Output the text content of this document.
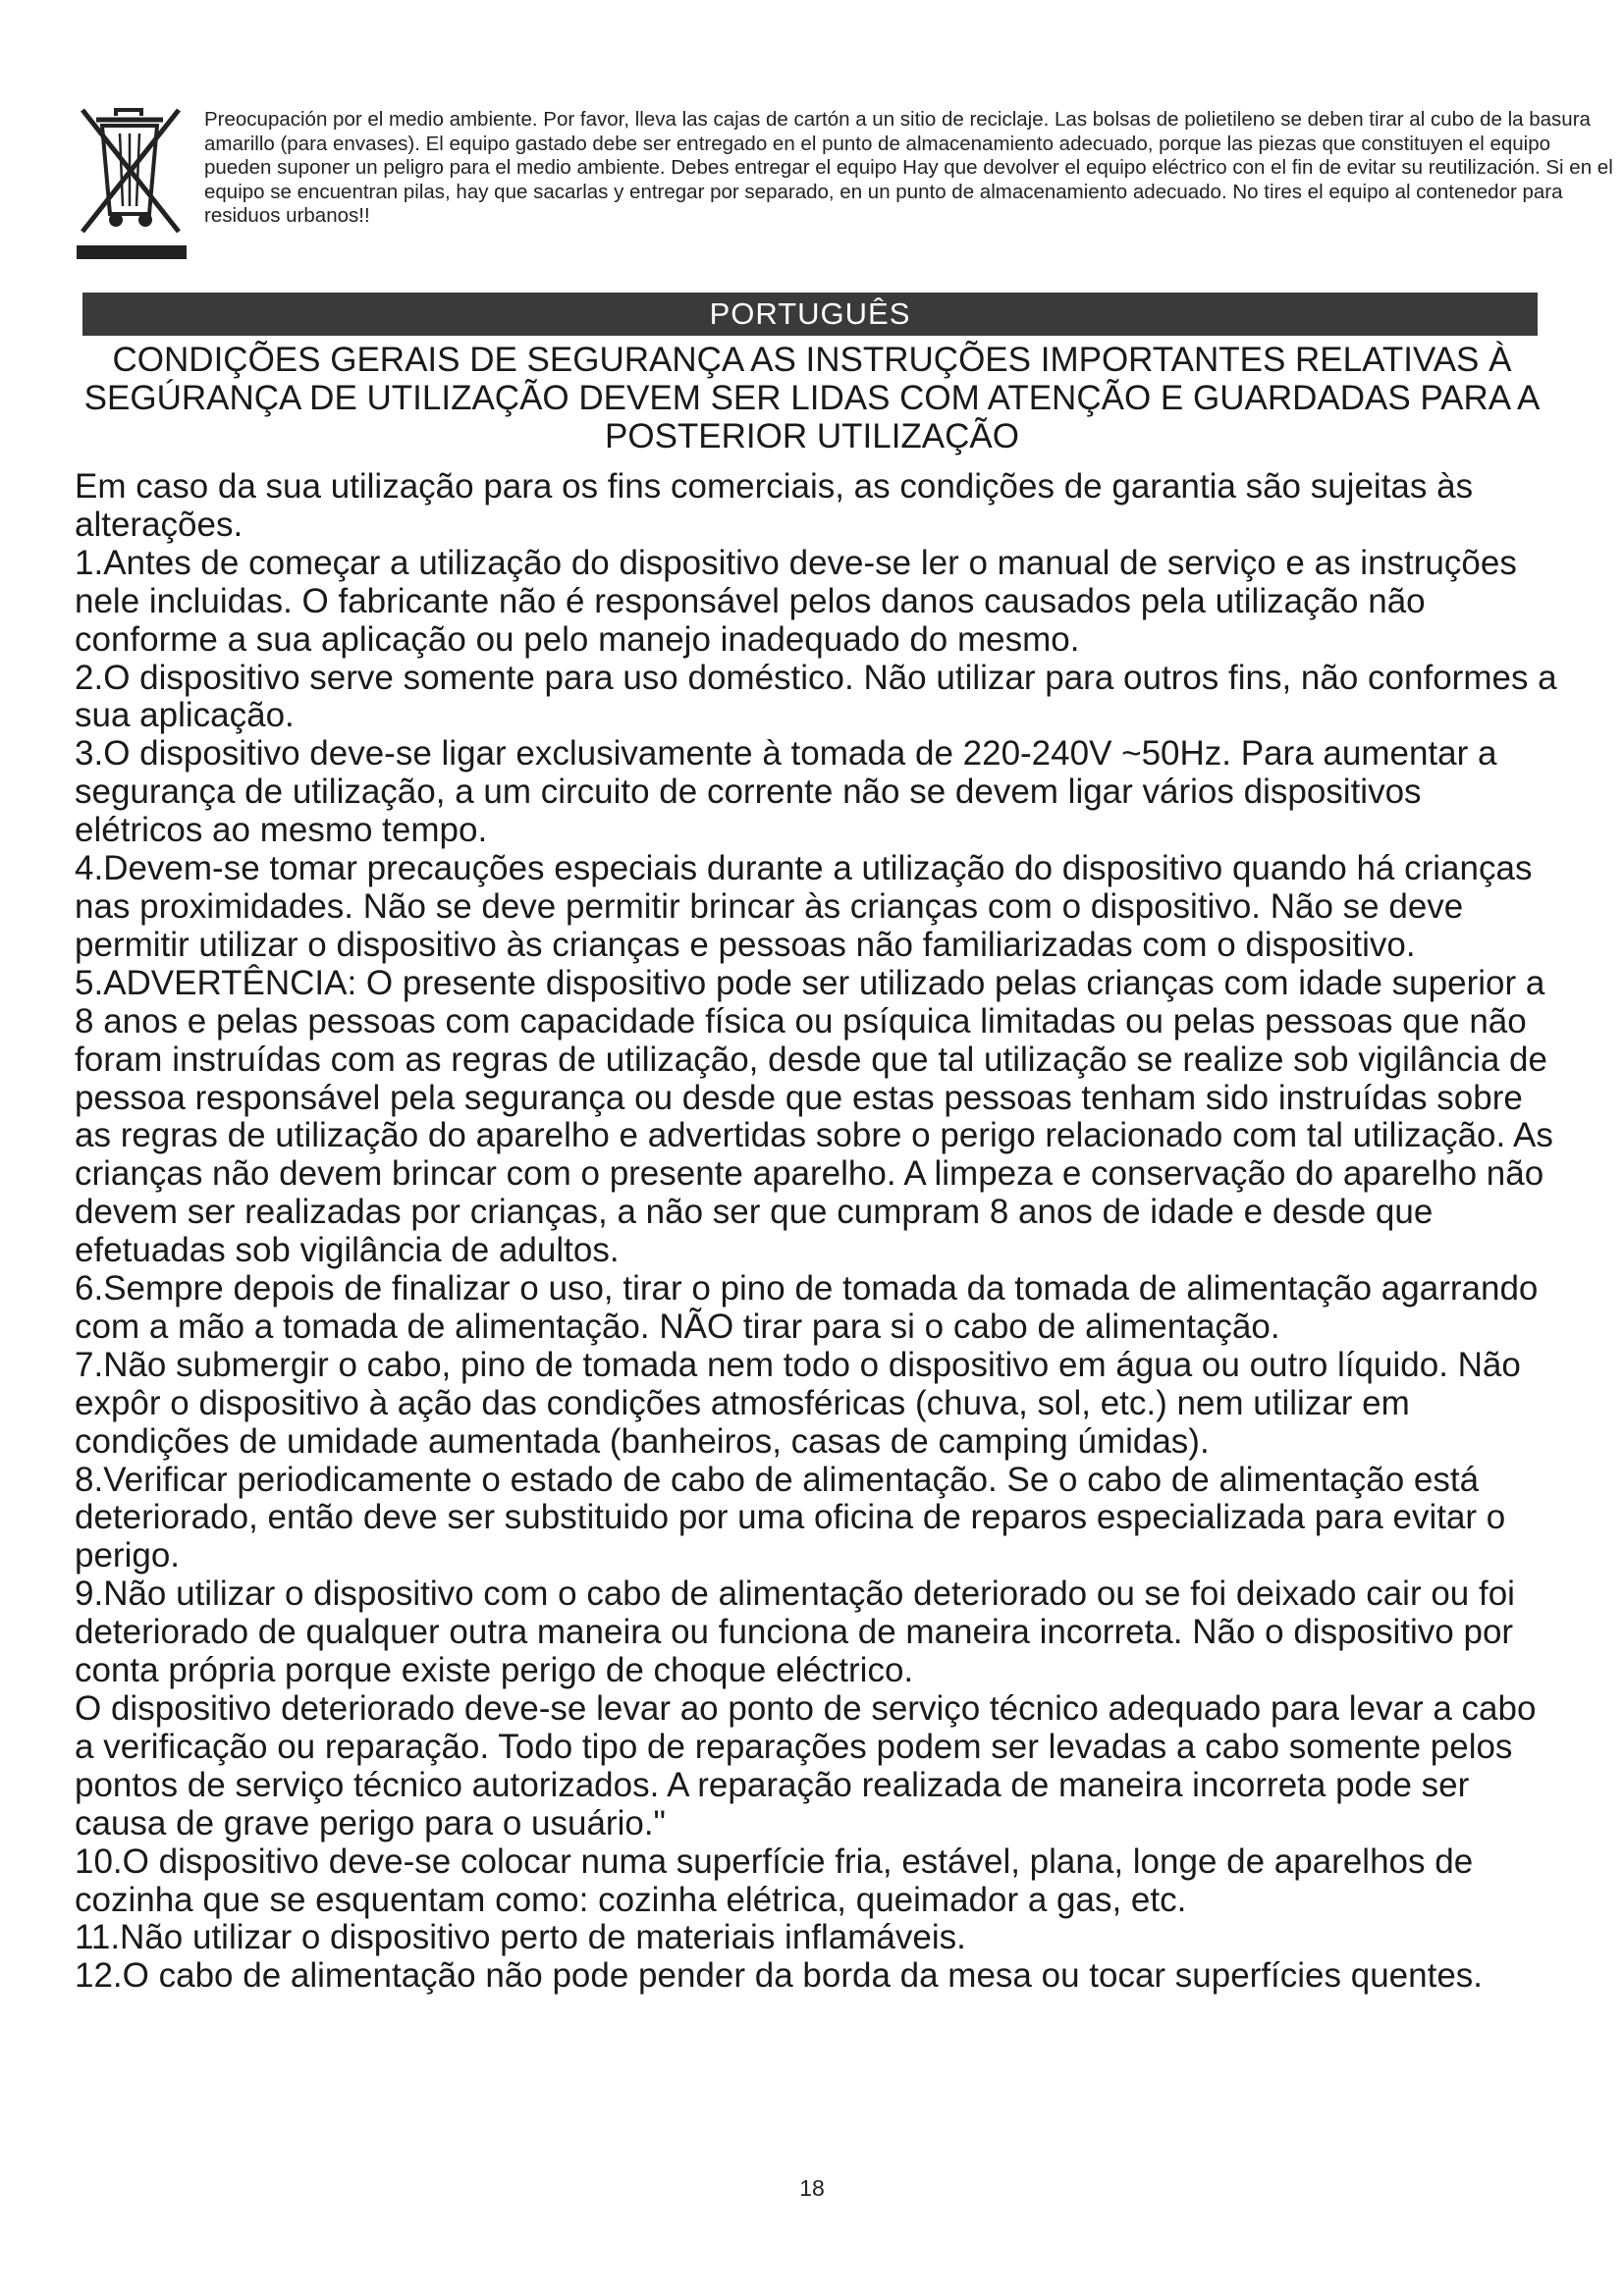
Preocupación por el medio ambiente. Por favor, lleva las cajas de cartón a un sitio de reciclaje. Las bolsas de polietileno se deben tirar al cubo de la basura amarillo (para envases). El equipo gastado debe ser entregado en el punto de almacenamiento adecuado, porque las piezas que constituyen el equipo pueden suponer un peligro para el medio ambiente. Debes entregar el equipo Hay que devolver el equipo eléctrico con el fin de evitar su reutilización. Si en el equipo se encuentran pilas, hay que sacarlas y entregar por separado, en un punto de almacenamiento adecuado. No tires el equipo al contenedor para residuos urbanos!!
PORTUGUÊS
CONDIÇÕES GERAIS DE SEGURANÇA AS INSTRUÇÕES IMPORTANTES RELATIVAS À SEGÚRANÇA DE UTILIZAÇÃO DEVEM SER LIDAS COM ATENÇÃO E GUARDADAS PARA A POSTERIOR UTILIZAÇÃO

Em caso da sua utilização para os fins comerciais, as condições de garantia são sujeitas às alterações.

1.Antes de começar a utilização do dispositivo deve-se ler o manual de serviço e as instruções nele incluidas. O fabricante não é responsável pelos danos causados pela utilização não conforme a sua aplicação ou pelo manejo inadequado do mesmo.

2.O dispositivo serve somente para uso doméstico. Não utilizar para outros fins, não conformes a sua aplicação.

3.O dispositivo deve-se ligar exclusivamente à tomada de 220-240V ~50Hz. Para aumentar a segurança de utilização, a um circuito de corrente não se devem ligar vários dispositivos elétricos ao mesmo tempo.

4.Devem-se tomar precauções especiais durante a utilização do dispositivo quando há crianças nas proximidades. Não se deve permitir brincar às crianças com o dispositivo. Não se deve permitir utilizar o dispositivo às crianças e pessoas não familiarizadas com o dispositivo.

5.ADVERTÊNCIA: O presente dispositivo pode ser utilizado pelas crianças com idade superior a 8 anos e pelas pessoas com capacidade física ou psíquica limitadas ou pelas pessoas que não foram instruídas com as regras de utilização, desde que tal utilização se realize sob vigilância de pessoa responsável pela segurança ou desde que estas pessoas tenham sido instruídas sobre as regras de utilização do aparelho e advertidas sobre o perigo relacionado com tal utilização. As crianças não devem brincar com o presente aparelho. A limpeza e conservação do aparelho não devem ser realizadas por crianças, a não ser que cumpram 8 anos de idade e desde que efetuadas sob vigilância de adultos.

6.Sempre depois de finalizar o uso, tirar o pino de tomada da tomada de alimentação agarrando com a mão a tomada de alimentação. NÃO tirar para si o cabo de alimentação.

7.Não submergir o cabo, pino de tomada nem todo o dispositivo em água ou outro líquido. Não expôr o dispositivo à ação das condições atmosféricas (chuva, sol, etc.) nem utilizar em condições de umidade aumentada (banheiros, casas de camping úmidas).

8.Verificar periodicamente o estado de cabo de alimentação. Se o cabo de alimentação está deteriorado, então deve ser substituido por uma oficina de reparos especializada para evitar o perigo.

9.Não utilizar o dispositivo com o cabo de alimentação deteriorado ou se foi deixado cair ou foi deteriorado de qualquer outra maneira ou funciona de maneira incorreta. Não o dispositivo por conta própria porque existe perigo de choque eléctrico.

O dispositivo deteriorado deve-se levar ao ponto de serviço técnico adequado para levar a cabo a verificação ou reparação. Todo tipo de reparações podem ser levadas a cabo somente pelos pontos de serviço técnico autorizados. A reparação realizada de maneira incorreta pode ser causa de grave perigo para o usuário."

10.O dispositivo deve-se colocar numa superfície fria, estável, plana, longe de aparelhos de cozinha que se esquentam como: cozinha elétrica, queimador a gas, etc.

11.Não utilizar o dispositivo perto de materiais inflamáveis.

12.O cabo de alimentação não pode pender da borda da mesa ou tocar superfícies quentes.

18
